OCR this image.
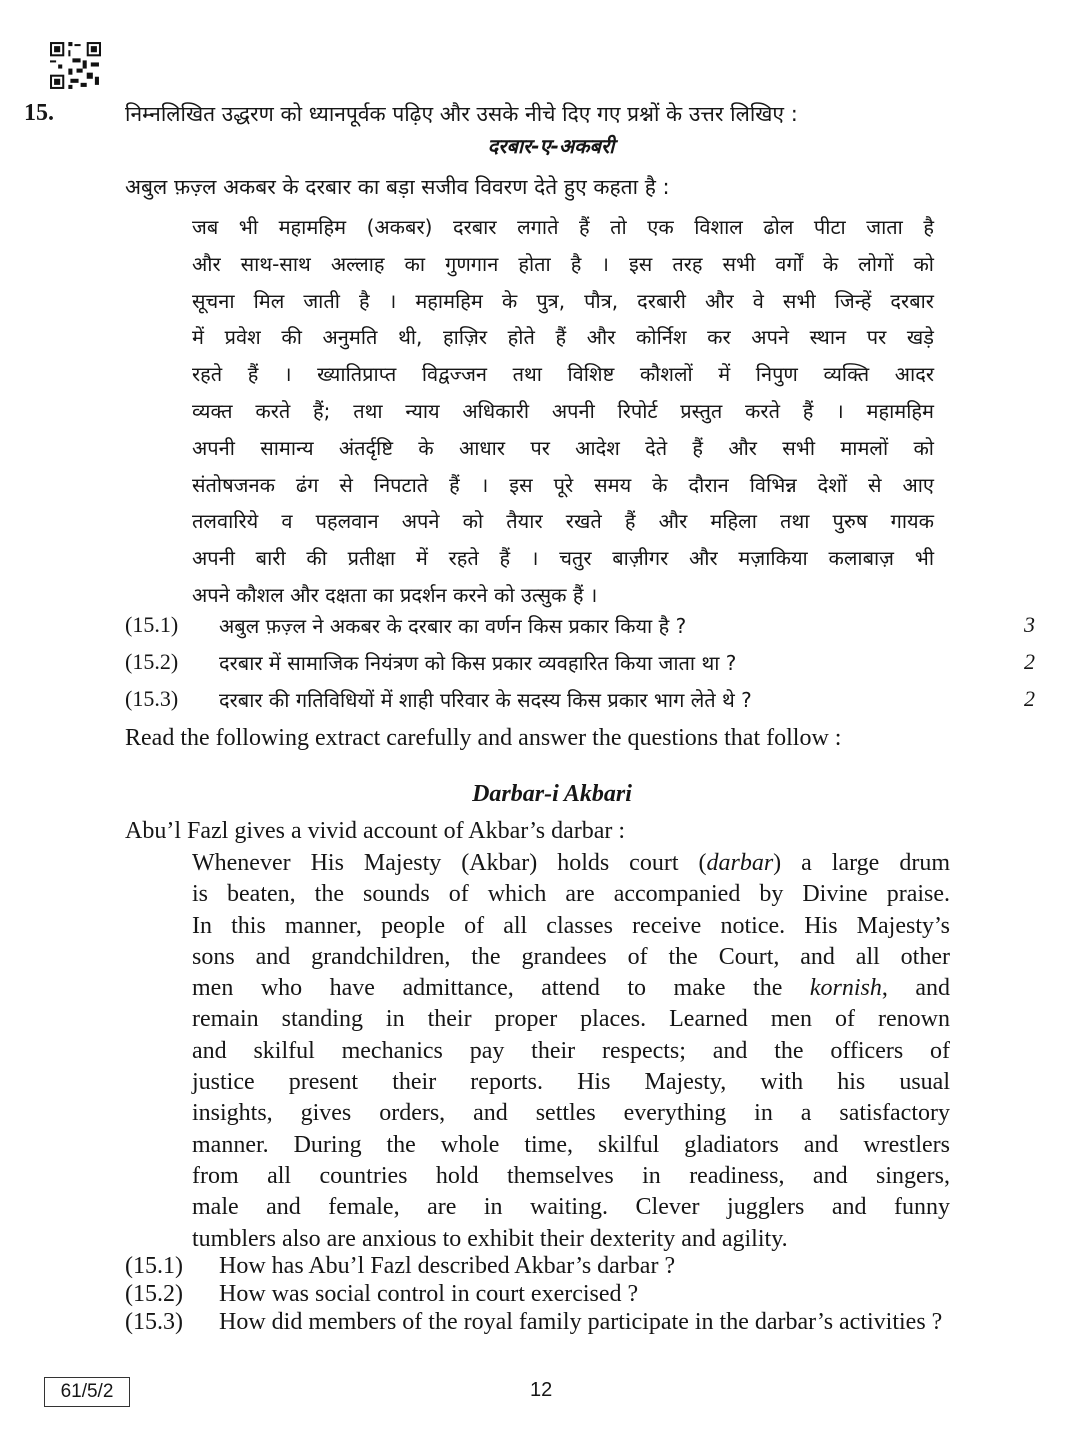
15.	निम्नलिखित उद्धरण को ध्यानपूर्वक पढ़िए और उसके नीचे दिए गए प्रश्नों के उत्तर लिखिए :
दरबार-ए-अकबरी
अबुल फ़ज़्ल अकबर के दरबार का बड़ा सजीव विवरण देते हुए कहता है :
जब भी महामहिम (अकबर) दरबार लगाते हैं तो एक विशाल ढोल पीटा जाता है
और साथ-साथ अल्लाह का गुणगान होता है । इस तरह सभी वर्गों के लोगों को
सूचना मिल जाती है । महामहिम के पुत्र, पौत्र, दरबारी और वे सभी जिन्हें दरबार
में प्रवेश की अनुमति थी, हाज़िर होते हैं और कोर्निश कर अपने स्थान पर खड़े
रहते हैं । ख्यातिप्राप्त विद्वज्जन तथा विशिष्ट कौशलों में निपुण व्यक्ति आदर
व्यक्त करते हैं; तथा न्याय अधिकारी अपनी रिपोर्ट प्रस्तुत करते हैं । महामहिम
अपनी सामान्य अंतर्दृष्टि के आधार पर आदेश देते हैं और सभी मामलों को
संतोषजनक ढंग से निपटाते हैं । इस पूरे समय के दौरान विभिन्न देशों से आए
तलवारिये व पहलवान अपने को तैयार रखते हैं और महिला तथा पुरुष गायक
अपनी बारी की प्रतीक्षा में रहते हैं । चतुर बाज़ीगर और मज़ाकिया कलाबाज़ भी
अपने कौशल और दक्षता का प्रदर्शन करने को उत्सुक हैं ।
(15.1) अबुल फ़ज़्ल ने अकबर के दरबार का वर्णन किस प्रकार किया है ?	3
(15.2) दरबार में सामाजिक नियंत्रण को किस प्रकार व्यवहारित किया जाता था ?	2
(15.3) दरबार की गतिविधियों में शाही परिवार के सदस्य किस प्रकार भाग लेते थे ?	2
Read the following extract carefully and answer the questions that follow :
Darbar-i Akbari
Abu’l Fazl gives a vivid account of Akbar’s darbar :
Whenever His Majesty (Akbar) holds court (darbar) a large drum
is beaten, the sounds of which are accompanied by Divine praise.
In this manner, people of all classes receive notice. His Majesty’s
sons and grandchildren, the grandees of the Court, and all other
men who have admittance, attend to make the kornish, and
remain standing in their proper places. Learned men of renown
and skilful mechanics pay their respects; and the officers of
justice present their reports. His Majesty, with his usual
insights, gives orders, and settles everything in a satisfactory
manner. During the whole time, skilful gladiators and wrestlers
from all countries hold themselves in readiness, and singers,
male and female, are in waiting. Clever jugglers and funny
tumblers also are anxious to exhibit their dexterity and agility.
(15.1) How has Abu’l Fazl described Akbar’s darbar ?
(15.2) How was social control in court exercised ?
(15.3) How did members of the royal family participate in the darbar’s activities ?
61/5/2	12
